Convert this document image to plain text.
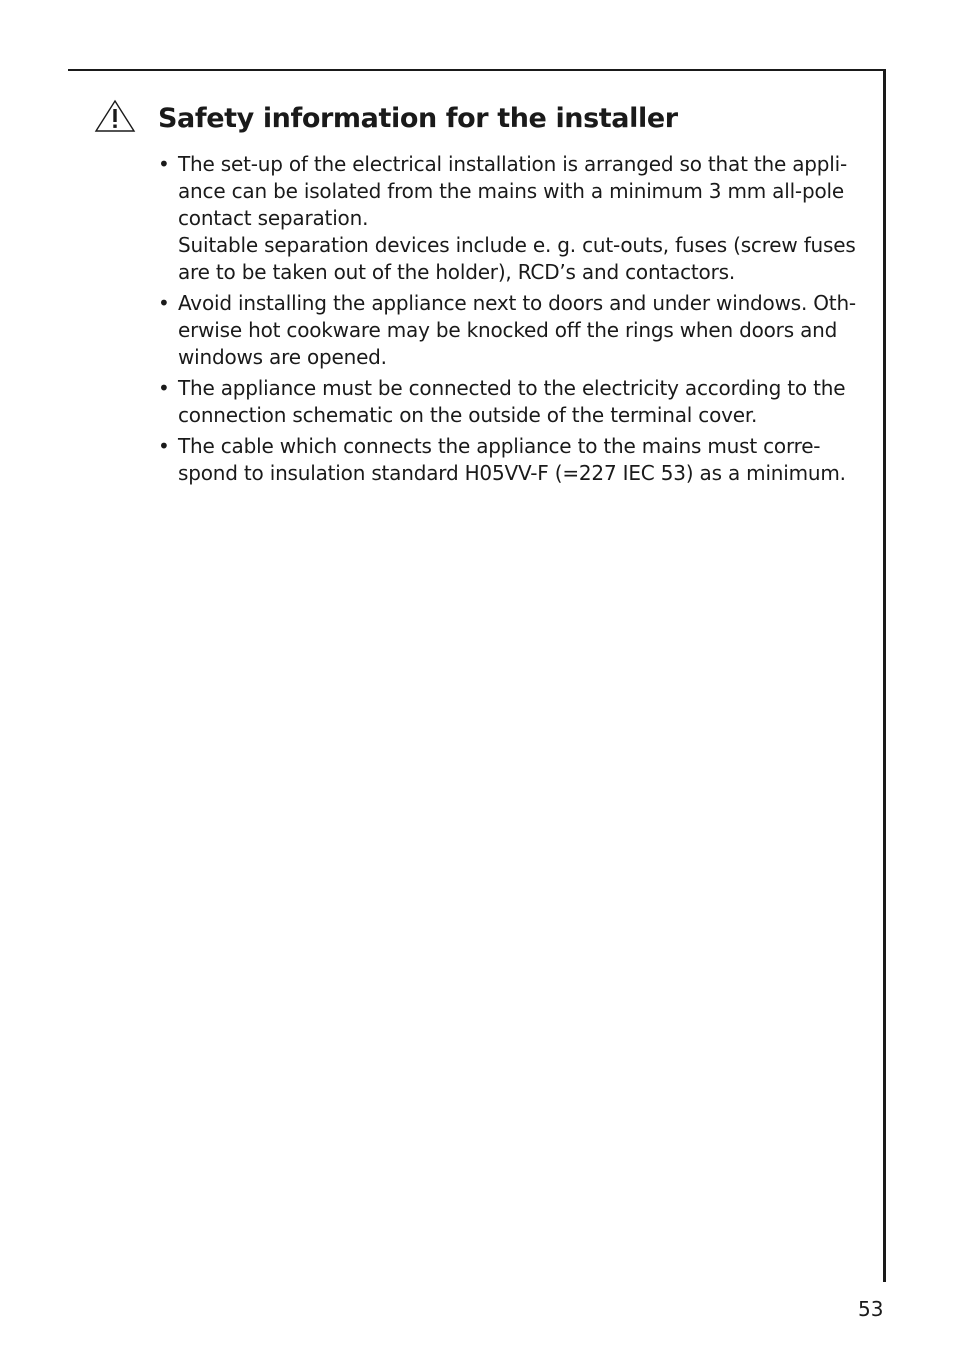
Safety information for the installer
• The set-up of the electrical installation is arranged so that the appli-
ance can be isolated from the mains with a minimum 3 mm all-pole
contact separation.
Suitable separation devices include e. g. cut-outs, fuses (screw fuses
are to be taken out of the holder), RCD’s and contactors.
• Avoid installing the appliance next to doors and under windows. Oth-
erwise hot cookware may be knocked off the rings when doors and
windows are opened.
• The appliance must be connected to the electricity according to the
connection schematic on the outside of the terminal cover.
• The cable which connects the appliance to the mains must corre-
spond to insulation standard H05VV-F (=227 IEC 53) as a minimum.
53
